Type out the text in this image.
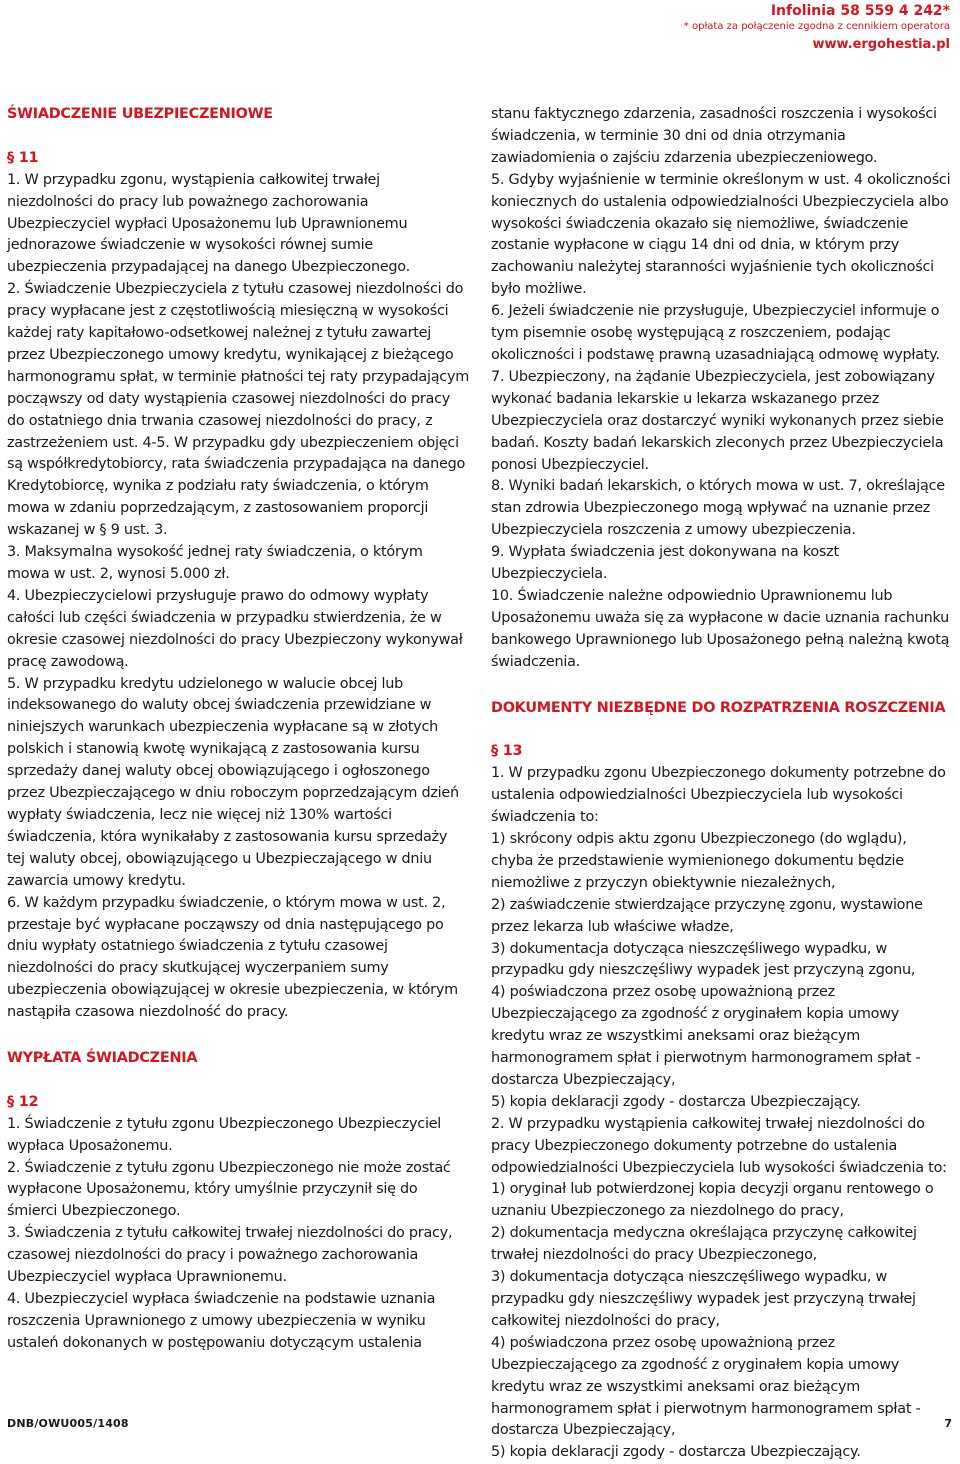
Infolinia 58 559 4 242*
* opłata za połączenie zgodna z cennikiem operatora
www.ergohestia.pl

ŚWIADCZENIE UBEZPIECZENIOWE

§ 11

1. W przypadku zgonu, wystąpienia całkowitej trwałej niezdolności do pracy lub poważnego zachorowania Ubezpieczyciel wypłaci Uposażonemu lub Uprawnionemu jednorazowe świadczenie w wysokości równej sumie ubezpieczenia przypadającej na danego Ubezpieczonego.

2. Świadczenie Ubezpieczyciela z tytułu czasowej niezdolności do pracy wypłacane jest z częstotliwością miesięczną w wysokości każdej raty kapitałowo-odsetkowej należnej z tytułu zawartej przez Ubezpieczonego umowy kredytu, wynikającej z bieżącego harmonogramu spłat, w terminie płatności tej raty przypadającym począwszy od daty wystąpienia czasowej niezdolności do pracy do ostatniego dnia trwania czasowej niezdolności do pracy, z zastrzeżeniem ust. 4-5. W przypadku gdy ubezpieczeniem objęci są współkredytobiorcy, rata świadczenia przypadająca na danego Kredytobiorcę, wynika z podziału raty świadczenia, o którym mowa w zdaniu poprzedzającym, z zastosowaniem proporcji wskazanej w § 9 ust. 3.

3. Maksymalna wysokość jednej raty świadczenia, o którym mowa w ust. 2, wynosi 5.000 zł.

4. Ubezpieczycielowi przysługuje prawo do odmowy wypłaty całości lub części świadczenia w przypadku stwierdzenia, że w okresie czasowej niezdolności do pracy Ubezpieczony wykonywał pracę zawodową.

5. W przypadku kredytu udzielonego w walucie obcej lub indeksowanego do waluty obcej świadczenia przewidziane w niniejszych warunkach ubezpieczenia wypłacane są w złotych polskich i stanowią kwotę wynikającą z zastosowania kursu sprzedaży danej waluty obcej obowiązującego i ogłoszonego przez Ubezpieczającego w dniu roboczym poprzedzającym dzień wypłaty świadczenia, lecz nie więcej niż 130% wartości świadczenia, która wynikałaby z zastosowania kursu sprzedaży tej waluty obcej, obowiązującego u Ubezpieczającego w dniu zawarcia umowy kredytu.

6. W każdym przypadku świadczenie, o którym mowa w ust. 2, przestaje być wypłacane począwszy od dnia następującego po dniu wypłaty ostatniego świadczenia z tytułu czasowej niezdolności do pracy skutkującej wyczerpaniem sumy ubezpieczenia obowiązującej w okresie ubezpieczenia, w którym nastąpiła czasowa niezdolność do pracy.

WYPŁATA ŚWIADCZENIA

§ 12

1. Świadczenie z tytułu zgonu Ubezpieczonego Ubezpieczyciel wypłaca Uposażonemu.

2. Świadczenie z tytułu zgonu Ubezpieczonego nie może zostać wypłacone Uposażonemu, który umyślnie przyczynił się do śmierci Ubezpieczonego.

3. Świadczenia z tytułu całkowitej trwałej niezdolności do pracy, czasowej niezdolności do pracy i poważnego zachorowania Ubezpieczyciel wypłaca Uprawnionemu.

4. Ubezpieczyciel wypłaca świadczenie na podstawie uznania roszczenia Uprawnionego z umowy ubezpieczenia w wyniku ustaleń dokonanych w postępowaniu dotyczącym ustalenia

stanu faktycznego zdarzenia, zasadności roszczenia i wysokości świadczenia, w terminie 30 dni od dnia otrzymania zawiadomienia o zajściu zdarzenia ubezpieczeniowego.

5. Gdyby wyjaśnienie w terminie określonym w ust. 4 okoliczności koniecznych do ustalenia odpowiedzialności Ubezpieczyciela albo wysokości świadczenia okazało się niemożliwe, świadczenie zostanie wypłacone w ciągu 14 dni od dnia, w którym przy zachowaniu należytej staranności wyjaśnienie tych okoliczności było możliwe.

6. Jeżeli świadczenie nie przysługuje, Ubezpieczyciel informuje o tym pisemnie osobę występującą z roszczeniem, podając okoliczności i podstawę prawną uzasadniającą odmowę wypłaty.

7. Ubezpieczony, na żądanie Ubezpieczyciela, jest zobowiązany wykonać badania lekarskie u lekarza wskazanego przez Ubezpieczyciela oraz dostarczyć wyniki wykonanych przez siebie badań. Koszty badań lekarskich zleconych przez Ubezpieczyciela ponosi Ubezpieczyciel.

8. Wyniki badań lekarskich, o których mowa w ust. 7, określające stan zdrowia Ubezpieczonego mogą wpływać na uznanie przez Ubezpieczyciela roszczenia z umowy ubezpieczenia.

9. Wypłata świadczenia jest dokonywana na koszt Ubezpieczyciela.

10. Świadczenie należne odpowiednio Uprawnionemu lub Uposażonemu uważa się za wypłacone w dacie uznania rachunku bankowego Uprawnionego lub Uposażonego pełną należną kwotą świadczenia.

DOKUMENTY NIEZBĘDNE DO ROZPATRZENIA ROSZCZENIA

§ 13

1. W przypadku zgonu Ubezpieczonego dokumenty potrzebne do ustalenia odpowiedzialności Ubezpieczyciela lub wysokości świadczenia to:

1) skrócony odpis aktu zgonu Ubezpieczonego (do wglądu), chyba że przedstawienie wymienionego dokumentu będzie niemożliwe z przyczyn obiektywnie niezależnych,

2) zaświadczenie stwierdzające przyczynę zgonu, wystawione przez lekarza lub właściwe władze,

3) dokumentacja dotycząca nieszczęśliwego wypadku, w przypadku gdy nieszczęśliwy wypadek jest przyczyną zgonu,

4) poświadczona przez osobę upoważnioną przez Ubezpieczającego za zgodność z oryginałem kopia umowy kredytu wraz ze wszystkimi aneksami oraz bieżącym harmonogramem spłat i pierwotnym harmonogramem spłat - dostarcza Ubezpieczający,

5) kopia deklaracji zgody - dostarcza Ubezpieczający.

2. W przypadku wystąpienia całkowitej trwałej niezdolności do pracy Ubezpieczonego dokumenty potrzebne do ustalenia odpowiedzialności Ubezpieczyciela lub wysokości świadczenia to:

1) oryginał lub potwierdzonej kopia decyzji organu rentowego o uznaniu Ubezpieczonego za niezdolnego do pracy,

2) dokumentacja medyczna określająca przyczynę całkowitej trwałej niezdolności do pracy Ubezpieczonego,

3) dokumentacja dotycząca nieszczęśliwego wypadku, w przypadku gdy nieszczęśliwy wypadek jest przyczyną trwałej całkowitej niezdolności do pracy,

4) poświadczona przez osobę upoważnioną przez Ubezpieczającego za zgodność z oryginałem kopia umowy kredytu wraz ze wszystkimi aneksami oraz bieżącym harmonogramem spłat i pierwotnym harmonogramem spłat - dostarcza Ubezpieczający,

5) kopia deklaracji zgody - dostarcza Ubezpieczający.

DNB/OWU005/1408	7
